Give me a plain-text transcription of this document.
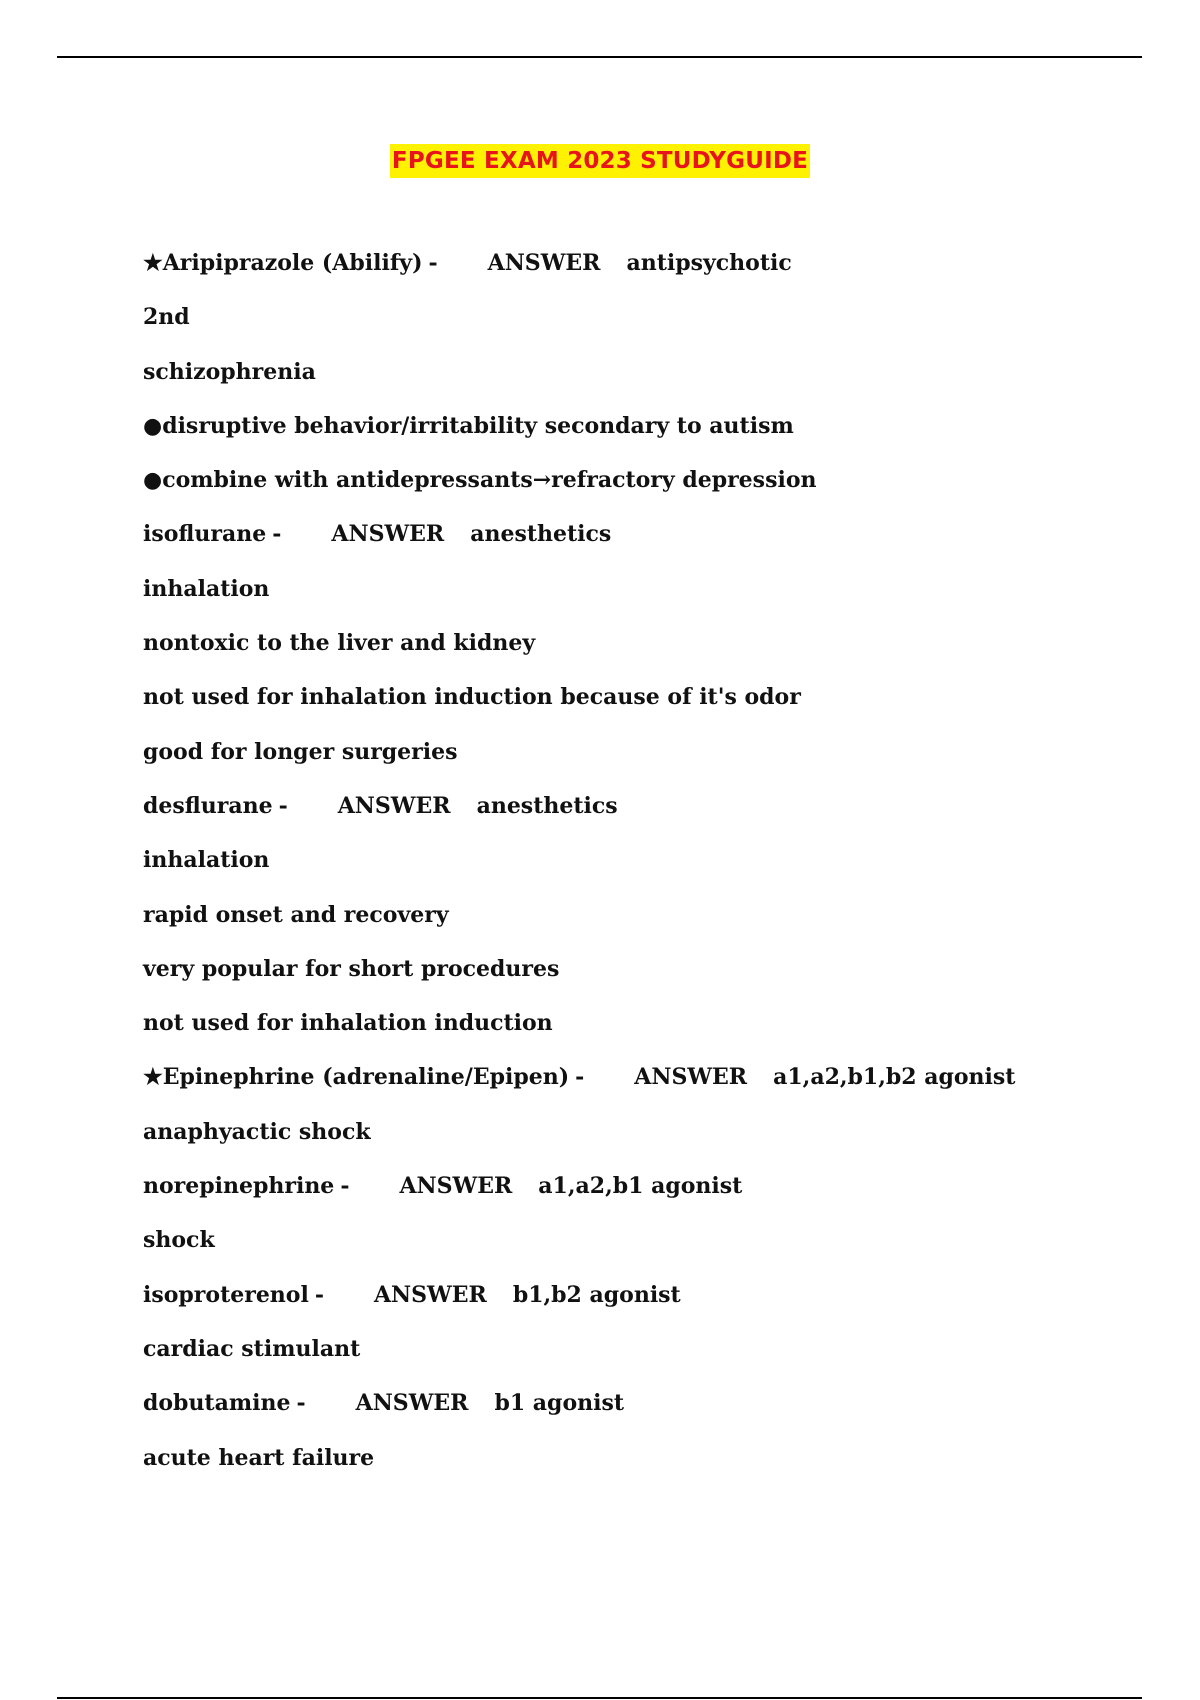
FPGEE EXAM 2023 STUDYGUIDE
★Aripiprazole (Abilify) - ANSWER antipsychotic
2nd
schizophrenia
●disruptive behavior/irritability secondary to autism
●combine with antidepressants→refractory depression
isoflurane - ANSWER anesthetics
inhalation
nontoxic to the liver and kidney
not used for inhalation induction because of it's odor
good for longer surgeries
desflurane - ANSWER anesthetics
inhalation
rapid onset and recovery
very popular for short procedures
not used for inhalation induction
★Epinephrine (adrenaline/Epipen) - ANSWER a1,a2,b1,b2 agonist
anaphyactic shock
norepinephrine - ANSWER a1,a2,b1 agonist
shock
isoproterenol - ANSWER b1,b2 agonist
cardiac stimulant
dobutamine - ANSWER b1 agonist
acute heart failure
